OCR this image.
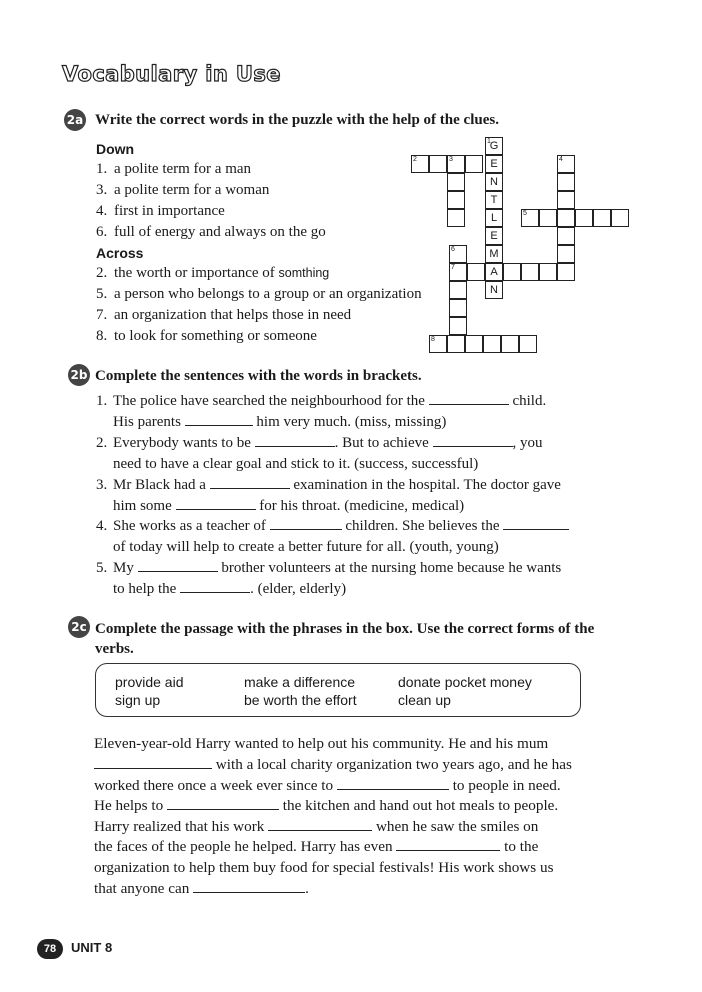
Vocabulary in Use
2a Write the correct words in the puzzle with the help of the clues.
Down
1. a polite term for a man
3. a polite term for a woman
4. first in importance
6. full of energy and always on the go
Across
2. the worth or importance of somthing
5. a person who belongs to a group or an organization
7. an organization that helps those in need
8. to look for something or someone
1
G
E
N
T
L
E
M
A
N
2	3	4
5
6
7
8
2b Complete the sentences with the words in brackets.
1. The police have searched the neighbourhood for the	child.
His parents	him very much. (miss, missing)
2. Everybody wants to be	. But to achieve	, you
need to have a clear goal and stick to it. (success, successful)
3. Mr Black had a	examination in the hospital. The doctor gave
him some	for his throat. (medicine, medical)
4. She works as a teacher of	children. She believes the
of today will help to create a better future for all. (youth, young)
5. My	brother volunteers at the nursing home because he wants
to help the	. (elder, elderly)
2c Complete the passage with the phrases in the box. Use the correct forms of the
verbs.
provide aid	make a difference	donate pocket money
sign up	be worth the effort	clean up
Eleven-year-old Harry wanted to help out his community. He and his mum
with a local charity organization two years ago, and he has
worked there once a week ever since to	to people in need.
He helps to	the kitchen and hand out hot meals to people.
Harry realized that his work	when he saw the smiles on
the faces of the people he helped. Harry has even	to the
organization to help them buy food for special festivals! His work shows us
that anyone can	.
78	UNIT 8
